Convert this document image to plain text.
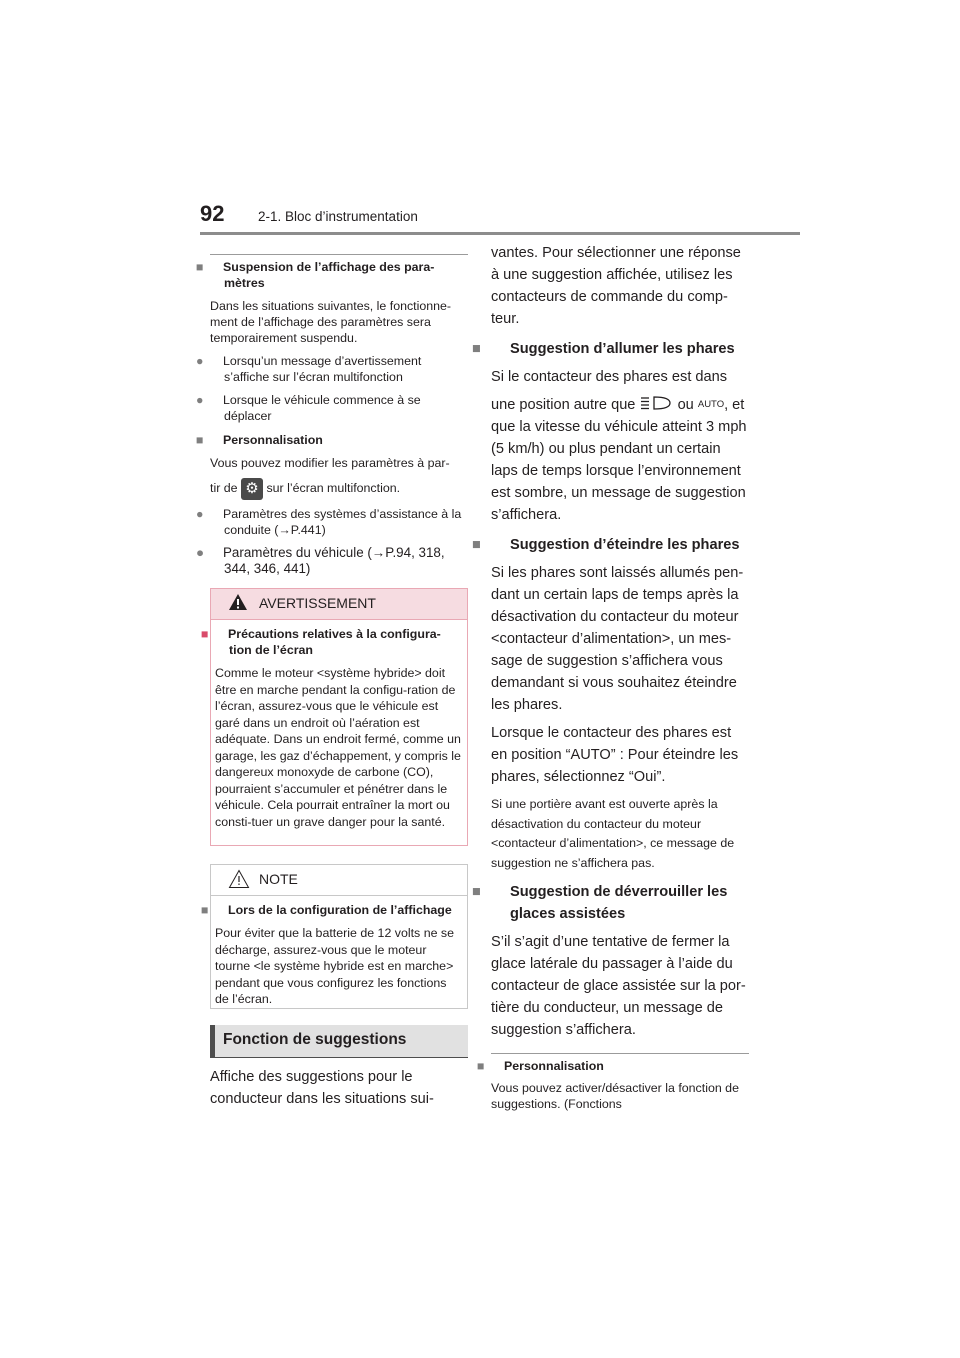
92 2-1. Bloc d’instrumentation
■ Suspension de l’affichage des para-mètres
Dans les situations suivantes, le fonctionne-ment de l’affichage des paramètres sera temporairement suspendu.
● Lorsqu’un message d’avertissement s’affiche sur l’écran multifonction
● Lorsque le véhicule commence à se déplacer
■ Personnalisation
Vous pouvez modifier les paramètres à par-
tir de ⚙ sur l’écran multifonction.
● Paramètres des systèmes d’assistance à la conduite (→P.441)
● Paramètres du véhicule (→P.94, 318, 344, 346, 441)
AVERTISSEMENT

■ Précautions relatives à la configura-tion de l’écran

Comme le moteur <système hybride> doit être en marche pendant la configu-ration de l’écran, assurez-vous que le véhicule est garé dans un endroit où l’aération est adéquate. Dans un endroit fermé, comme un garage, les gaz d’échappement, y compris le dangereux monoxyde de carbone (CO), pourraient s’accumuler et pénétrer dans le véhicule. Cela pourrait entraîner la mort ou consti-tuer un grave danger pour la santé.

NOTE

■ Lors de la configuration de l’affichage

Pour éviter que la batterie de 12 volts ne se décharge, assurez-vous que le moteur tourne <le système hybride est en marche> pendant que vous configurez les fonctions de l’écran.

Fonction de suggestions
Affiche des suggestions pour le conducteur dans les situations sui-
vantes. Pour sélectionner une réponse à une suggestion affichée, utilisez les contacteurs de commande du comp-teur.
■ Suggestion d’allumer les phares
Si le contacteur des phares est dans
une position autre que	ou AUTO, et
que la vitesse du véhicule atteint 3 mph (5 km/h) ou plus pendant un certain laps de temps lorsque l’environnement est sombre, un message de suggestion s’affichera.
■ Suggestion d’éteindre les phares
Si les phares sont laissés allumés pen-dant un certain laps de temps après la désactivation du contacteur du moteur <contacteur d’alimentation>, un mes-sage de suggestion s’affichera vous demandant si vous souhaitez éteindre les phares.
Lorsque le contacteur des phares est en position “AUTO” : Pour éteindre les phares, sélectionnez “Oui”.
Si une portière avant est ouverte après la désactivation du contacteur du moteur <contacteur d’alimentation>, ce message de suggestion ne s’affichera pas.
■ Suggestion de déverrouiller les glaces assistées
S’il s’agit d’une tentative de fermer la glace latérale du passager à l’aide du contacteur de glace assistée sur la por-tière du conducteur, un message de suggestion s’affichera.
■ Personnalisation
Vous pouvez activer/désactiver la fonction de suggestions. (Fonctions
